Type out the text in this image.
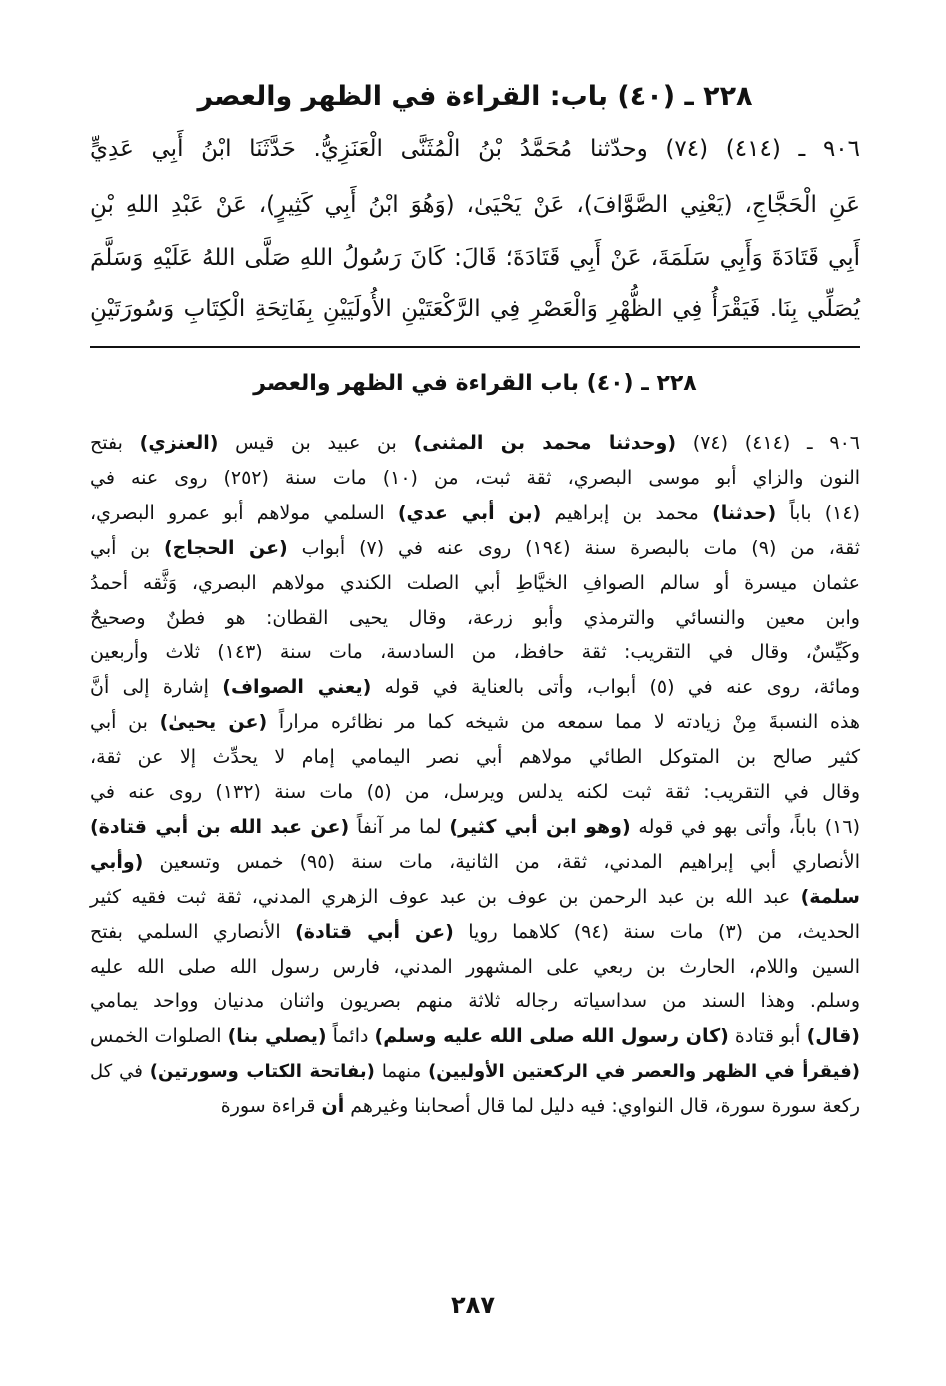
٢٢٨ ـ (٤٠) باب: القراءة في الظهر والعصر
٩٠٦ ـ (٤١٤) (٧٤) وحدّثنا مُحَمَّدُ بْنُ الْمُثَنَّى الْعَنَزِيُّ. حَدَّثَنَا ابْنُ أَبِي عَدِيٍّ
عَنِ الْحَجَّاجِ، (يَعْنِي الصَّوَّافَ)، عَنْ يَحْيَىٰ، (وَهُوَ ابْنُ أَبِي كَثِيرٍ)، عَنْ عَبْدِ اللهِ بْنِ
أَبِي قَتَادَةَ وَأَبِي سَلَمَةَ، عَنْ أَبِي قَتَادَةَ؛ قَالَ: كَانَ رَسُولُ اللهِ صَلَّى اللهُ عَلَيْهِ وَسَلَّمَ
يُصَلِّي بِنَا. فَيَقْرَأُ فِي الظُّهْرِ وَالْعَصْرِ فِي الرَّكْعَتَيْنِ الأُولَيَيْنِ بِفَاتِحَةِ الْكِتَابِ وَسُورَتَيْنِ
٢٢٨ ـ (٤٠) باب القراءة في الظهر والعصر
٩٠٦ ـ (٤١٤) (٧٤) (وحدثنا محمد بن المثنى) بن عبيد بن قيس (العنزي) بفتح
النون والزاي أبو موسى البصري، ثقة ثبت، من (١٠) مات سنة (٢٥٢) روى عنه في
(١٤) باباً (حدثنا) محمد بن إبراهيم (بن أبي عدي) السلمي مولاهم أبو عمرو البصري،
ثقة، من (٩) مات بالبصرة سنة (١٩٤) روى عنه في (٧) أبواب (عن الحجاج) بن أبي
عثمان ميسرة أو سالم الصوافِ الخيَّاطِ أبي الصلت الكندي مولاهم البصري، وَثَّقه أحمدُ
وابن معين والنسائي والترمذي وأبو زرعة، وقال يحيى القطان: هو فطنٌ وصحيحٌ
وكَيِّسٌ، وقال في التقريب: ثقة حافظ، من السادسة، مات سنة (١٤٣) ثلاث وأربعين
ومائة، روى عنه في (٥) أبواب، وأتى بالعناية في قوله (يعني الصواف) إشارة إلى أنَّ
هذه النسبةَ مِنْ زيادته لا مما سمعه من شيخه كما مر نظائره مراراً (عن يحيىٰ) بن أبي
كثير صالح بن المتوكل الطائي مولاهم أبي نصر اليمامي إمام لا يحدِّث إلا عن ثقة،
وقال في التقريب: ثقة ثبت لكنه يدلس ويرسل، من (٥) مات سنة (١٣٢) روى عنه في
(١٦) باباً، وأتى بهو في قوله (وهو ابن أبي كثير) لما مر آنفاً (عن عبد الله بن أبي قتادة)
الأنصاري أبي إبراهيم المدني، ثقة، من الثانية، مات سنة (٩٥) خمس وتسعين (وأبي
سلمة) عبد الله بن عبد الرحمن بن عوف بن عبد عوف الزهري المدني، ثقة ثبت فقيه كثير
الحديث، من (٣) مات سنة (٩٤) كلاهما رويا (عن أبي قتادة) الأنصاري السلمي بفتح
السين واللام، الحارث بن ربعي على المشهور المدني، فارس رسول الله صلى الله عليه
وسلم. وهذا السند من سداسياته رجاله ثلاثة منهم بصريون واثنان مدنيان وواحد يمامي
(قال) أبو قتادة (كان رسول الله صلى الله عليه وسلم) دائماً (يصلي بنا) الصلوات الخمس
(فيقرأ في الظهر والعصر في الركعتين الأوليين) منهما (بفاتحة الكتاب وسورتين) في كل
ركعة سورة سورة، قال النواوي: فيه دليل لما قال أصحابنا وغيرهم أن قراءة سورة
٢٨٧
